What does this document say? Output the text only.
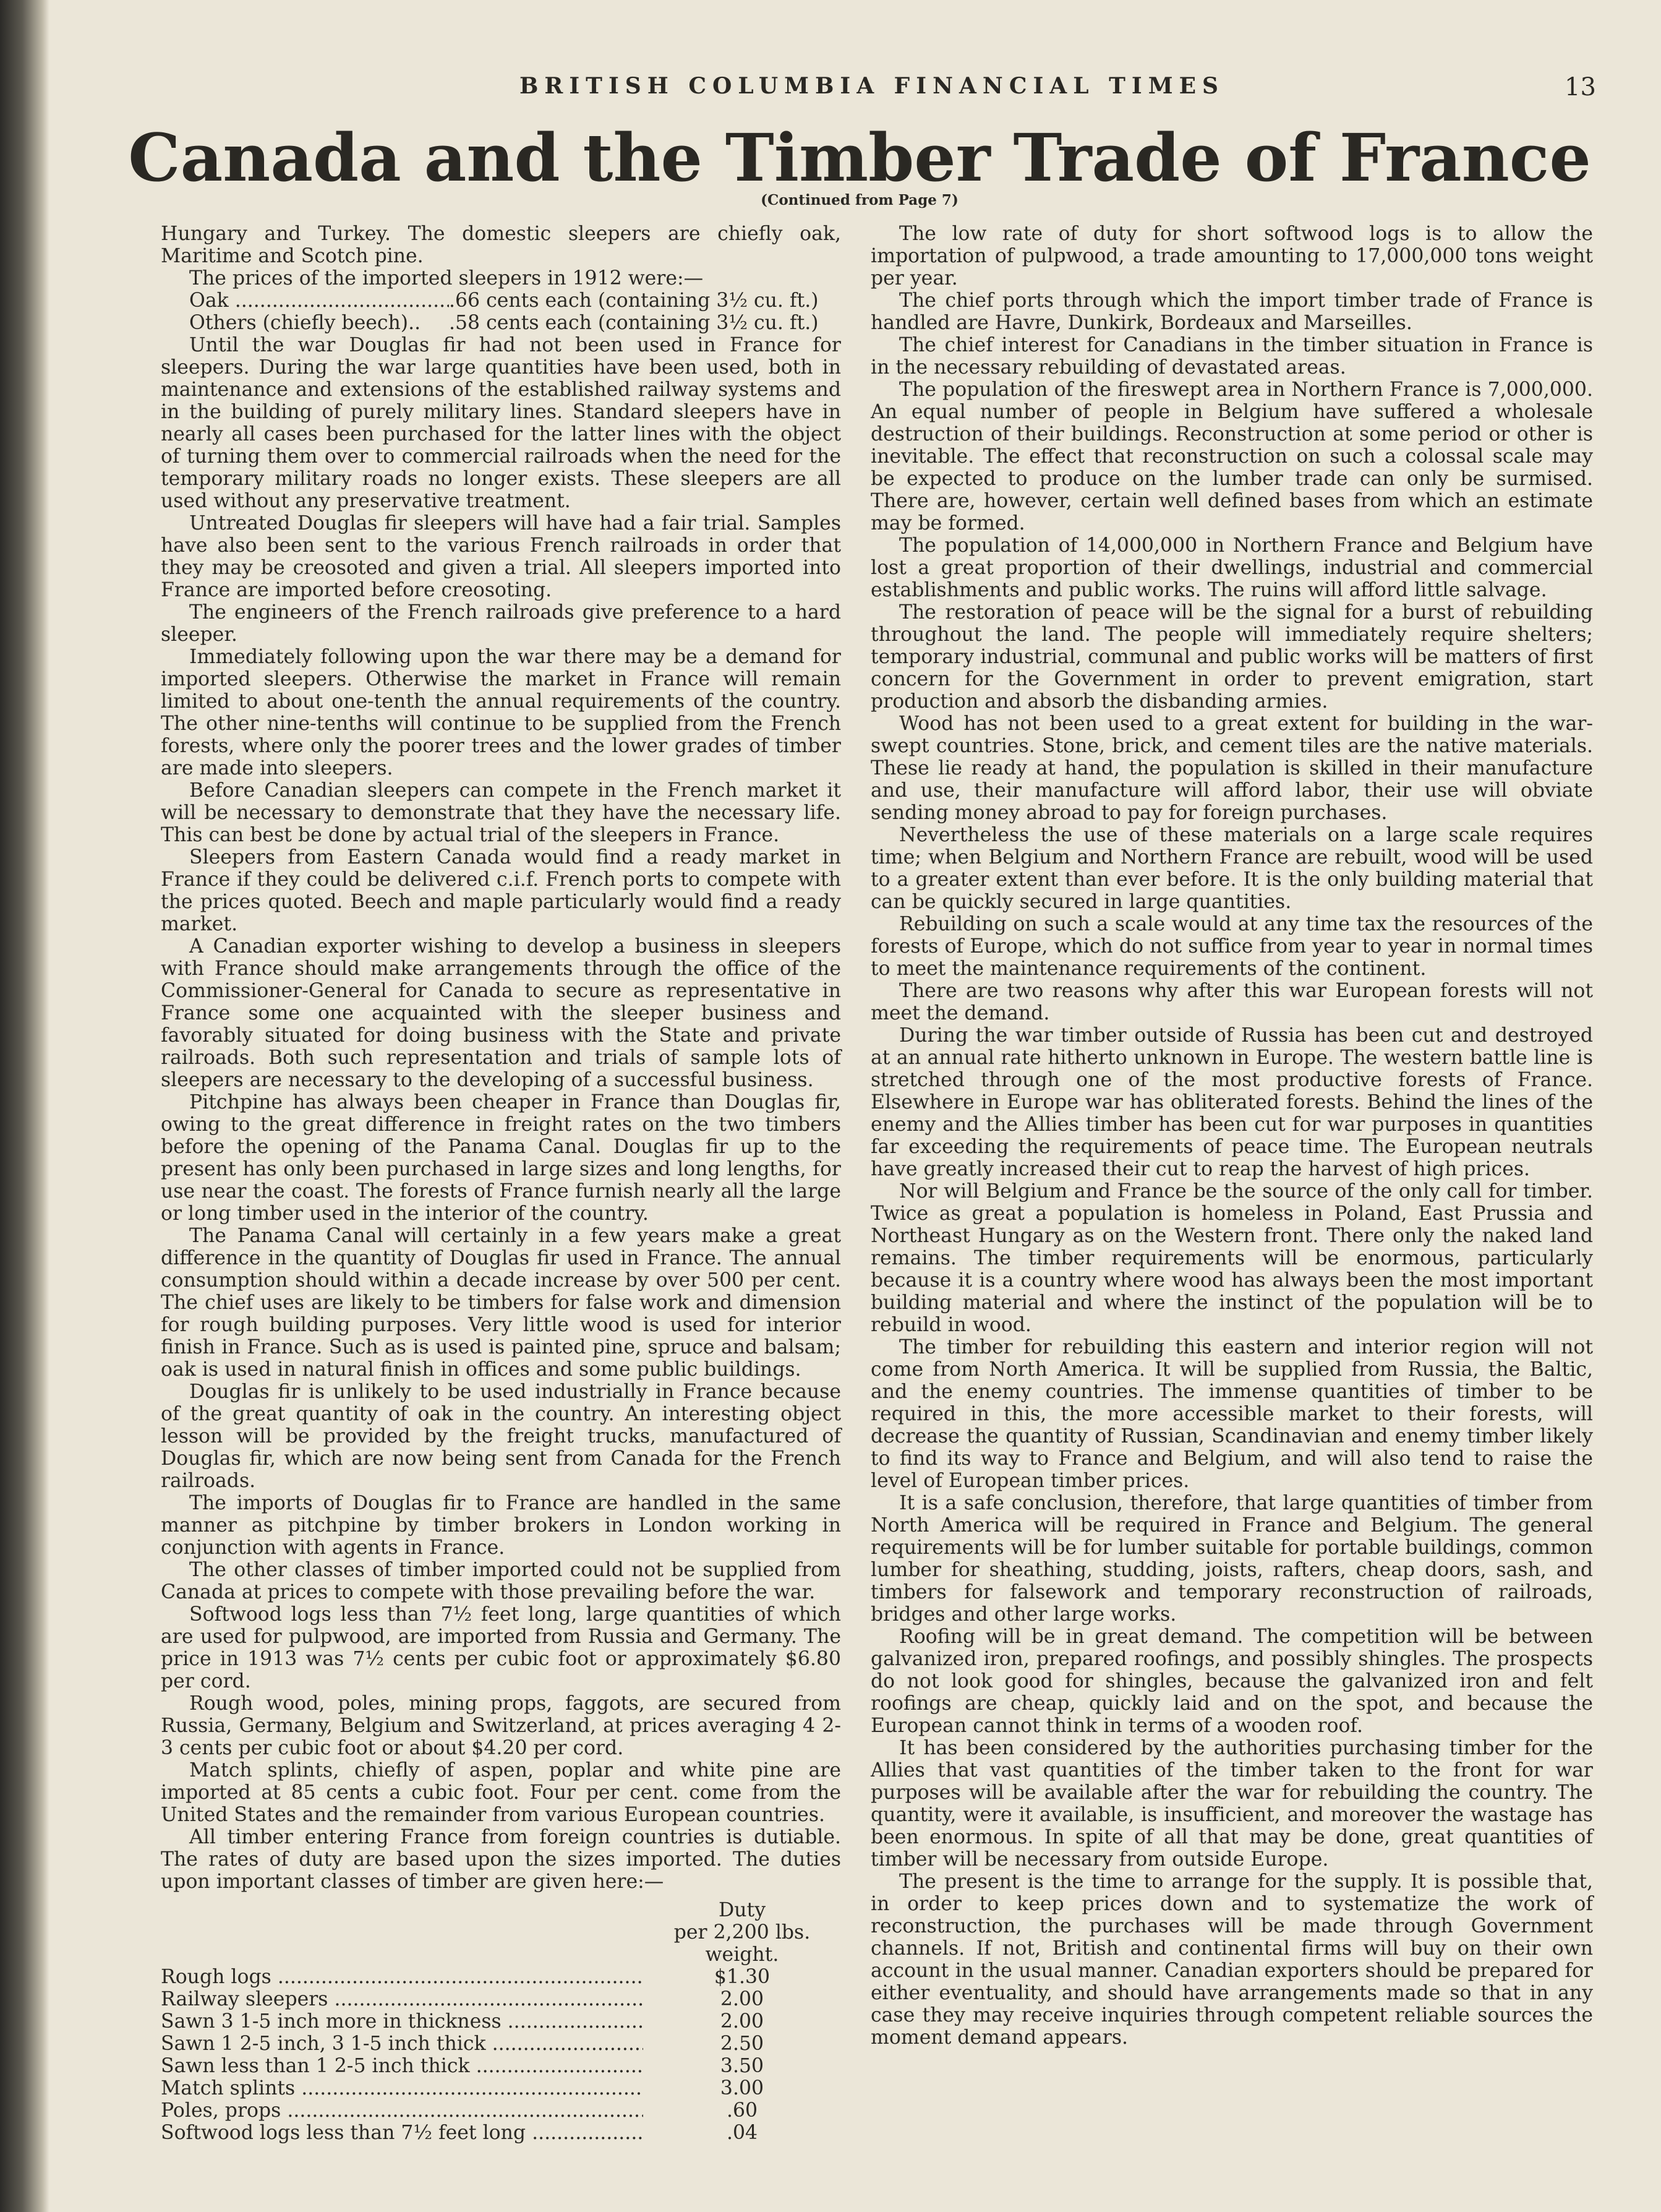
BRITISH COLUMBIA FINANCIAL TIMES	13
Canada and the Timber Trade of France
(Continued from Page 7)

Hungary and Turkey. The domestic sleepers are chiefly oak, Maritime and Scotch pine.

The prices of the imported sleepers in 1912 were:—

Oak .....	.66 cents each (containing 3½ cu. ft.)
Others (chiefly beech)..	.58 cents each (containing 3½ cu. ft.)

Until the war Douglas fir had not been used in France for sleepers. During the war large quantities have been used, both in maintenance and extensions of the established railway systems and in the building of purely military lines. Standard sleepers have in nearly all cases been purchased for the latter lines with the object of turning them over to commercial railroads when the need for the temporary military roads no longer exists. These sleepers are all used without any preservative treatment.

Untreated Douglas fir sleepers will have had a fair trial. Samples have also been sent to the various French railroads in order that they may be creosoted and given a trial. All sleepers imported into France are imported before creosoting.

The engineers of the French railroads give preference to a hard sleeper.

Immediately following upon the war there may be a demand for imported sleepers. Otherwise the market in France will remain limited to about one-tenth the annual requirements of the country. The other nine-tenths will continue to be supplied from the French forests, where only the poorer trees and the lower grades of timber are made into sleepers.

Before Canadian sleepers can compete in the French market it will be necessary to demonstrate that they have the necessary life. This can best be done by actual trial of the sleepers in France.

Sleepers from Eastern Canada would find a ready market in France if they could be delivered c.i.f. French ports to compete with the prices quoted. Beech and maple particularly would find a ready market.

A Canadian exporter wishing to develop a business in sleepers with France should make arrangements through the office of the Commissioner-General for Canada to secure as representative in France some one acquainted with the sleeper business and favorably situated for doing business with the State and private railroads. Both such representation and trials of sample lots of sleepers are necessary to the developing of a successful business.

Pitchpine has always been cheaper in France than Douglas fir, owing to the great difference in freight rates on the two timbers before the opening of the Panama Canal. Douglas fir up to the present has only been purchased in large sizes and long lengths, for use near the coast. The forests of France furnish nearly all the large or long timber used in the interior of the country.

The Panama Canal will certainly in a few years make a great difference in the quantity of Douglas fir used in France. The annual consumption should within a decade increase by over 500 per cent. The chief uses are likely to be timbers for false work and dimension for rough building purposes. Very little wood is used for interior finish in France. Such as is used is painted pine, spruce and balsam; oak is used in natural finish in offices and some public buildings.

Douglas fir is unlikely to be used industrially in France because of the great quantity of oak in the country. An interesting object lesson will be provided by the freight trucks, manufactured of Douglas fir, which are now being sent from Canada for the French railroads.

The imports of Douglas fir to France are handled in the same manner as pitchpine by timber brokers in London working in conjunction with agents in France.

The other classes of timber imported could not be supplied from Canada at prices to compete with those prevailing before the war.

Softwood logs less than 7½ feet long, large quantities of which are used for pulpwood, are imported from Russia and Germany. The price in 1913 was 7½ cents per cubic foot or approximately $6.80 per cord.

Rough wood, poles, mining props, faggots, are secured from Russia, Germany, Belgium and Switzerland, at prices averaging 4 2-3 cents per cubic foot or about $4.20 per cord.

Match splints, chiefly of aspen, poplar and white pine are imported at 85 cents a cubic foot. Four per cent. come from the United States and the remainder from various European countries.

All timber entering France from foreign countries is dutiable. The rates of duty are based upon the sizes imported. The duties upon important classes of timber are given here:—

Duty
per 2,200 lbs.
weight.
Rough logs .....	$1.30
Railway sleepers .....	2.00
Sawn 3 1-5 inch more in thickness .....	2.00
Sawn 1 2-5 inch, 3 1-5 inch thick .....	2.50
Sawn less than 1 2-5 inch thick .....	3.50
Match splints .....	3.00
Poles, props .....	.60
Softwood logs less than 7½ feet long .....	.04

The low rate of duty for short softwood logs is to allow the importation of pulpwood, a trade amounting to 17,000,000 tons weight per year.

The chief ports through which the import timber trade of France is handled are Havre, Dunkirk, Bordeaux and Marseilles.

The chief interest for Canadians in the timber situation in France is in the necessary rebuilding of devastated areas.

The population of the fireswept area in Northern France is 7,000,000. An equal number of people in Belgium have suffered a wholesale destruction of their buildings. Reconstruction at some period or other is inevitable. The effect that reconstruction on such a colossal scale may be expected to produce on the lumber trade can only be surmised. There are, however, certain well defined bases from which an estimate may be formed.

The population of 14,000,000 in Northern France and Belgium have lost a great proportion of their dwellings, industrial and commercial establishments and public works. The ruins will afford little salvage.

The restoration of peace will be the signal for a burst of rebuilding throughout the land. The people will immediately require shelters; temporary industrial, communal and public works will be matters of first concern for the Government in order to prevent emigration, start production and absorb the disbanding armies.

Wood has not been used to a great extent for building in the war-swept countries. Stone, brick, and cement tiles are the native materials. These lie ready at hand, the population is skilled in their manufacture and use, their manufacture will afford labor, their use will obviate sending money abroad to pay for foreign purchases.

Nevertheless the use of these materials on a large scale requires time; when Belgium and Northern France are rebuilt, wood will be used to a greater extent than ever before. It is the only building material that can be quickly secured in large quantities.

Rebuilding on such a scale would at any time tax the resources of the forests of Europe, which do not suffice from year to year in normal times to meet the maintenance requirements of the continent.

There are two reasons why after this war European forests will not meet the demand.

During the war timber outside of Russia has been cut and destroyed at an annual rate hitherto unknown in Europe. The western battle line is stretched through one of the most productive forests of France. Elsewhere in Europe war has obliterated forests. Behind the lines of the enemy and the Allies timber has been cut for war purposes in quantities far exceeding the requirements of peace time. The European neutrals have greatly increased their cut to reap the harvest of high prices.

Nor will Belgium and France be the source of the only call for timber. Twice as great a population is homeless in Poland, East Prussia and Northeast Hungary as on the Western front. There only the naked land remains. The timber requirements will be enormous, particularly because it is a country where wood has always been the most important building material and where the instinct of the population will be to rebuild in wood.

The timber for rebuilding this eastern and interior region will not come from North America. It will be supplied from Russia, the Baltic, and the enemy countries. The immense quantities of timber to be required in this, the more accessible market to their forests, will decrease the quantity of Russian, Scandinavian and enemy timber likely to find its way to France and Belgium, and will also tend to raise the level of European timber prices.

It is a safe conclusion, therefore, that large quantities of timber from North America will be required in France and Belgium. The general requirements will be for lumber suitable for portable buildings, common lumber for sheathing, studding, joists, rafters, cheap doors, sash, and timbers for falsework and temporary reconstruction of railroads, bridges and other large works.

Roofing will be in great demand. The competition will be between galvanized iron, prepared roofings, and possibly shingles. The prospects do not look good for shingles, because the galvanized iron and felt roofings are cheap, quickly laid and on the spot, and because the European cannot think in terms of a wooden roof.

It has been considered by the authorities purchasing timber for the Allies that vast quantities of the timber taken to the front for war purposes will be available after the war for rebuilding the country. The quantity, were it available, is insufficient, and moreover the wastage has been enormous. In spite of all that may be done, great quantities of timber will be necessary from outside Europe.

The present is the time to arrange for the supply. It is possible that, in order to keep prices down and to systematize the work of reconstruction, the purchases will be made through Government channels. If not, British and continental firms will buy on their own account in the usual manner. Canadian exporters should be prepared for either eventuality, and should have arrangements made so that in any case they may receive inquiries through competent reliable sources the moment demand appears.
